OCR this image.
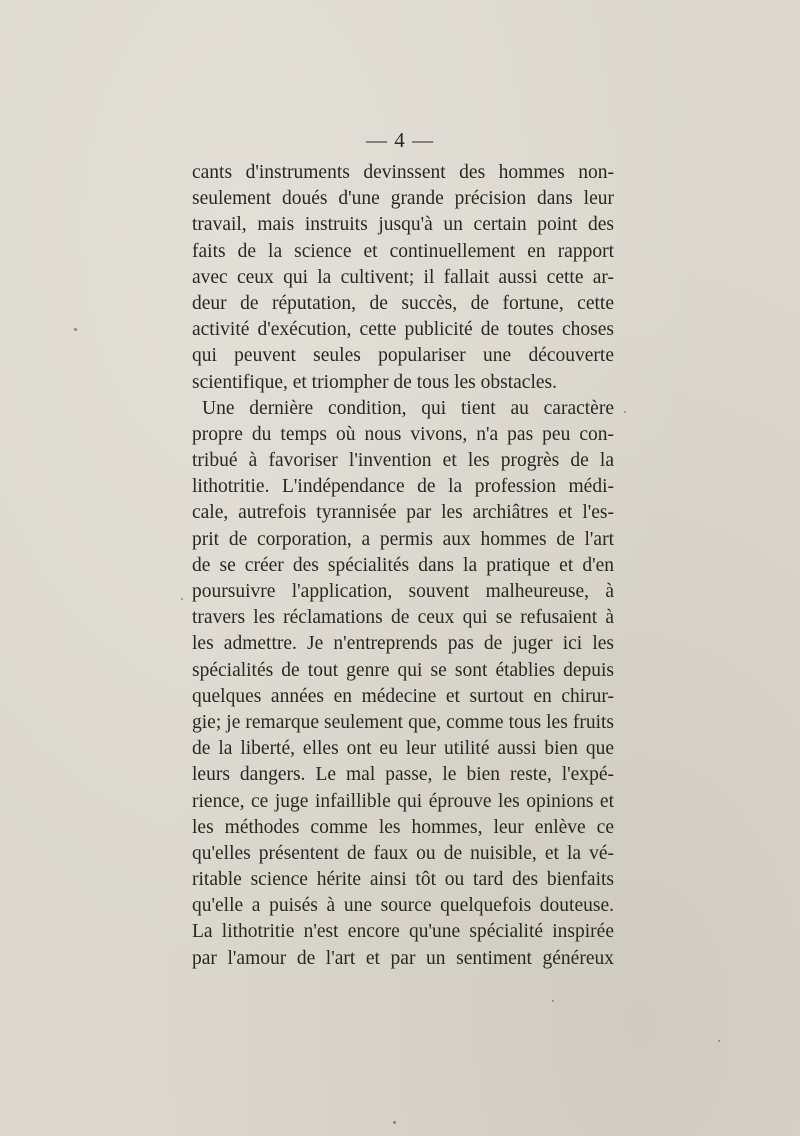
— 4 —
cants d'instruments devinssent des hommes non-
seulement doués d'une grande précision dans leur
travail, mais instruits jusqu'à un certain point des
faits de la science et continuellement en rapport
avec ceux qui la cultivent; il fallait aussi cette ar-
deur de réputation, de succès, de fortune, cette
activité d'exécution, cette publicité de toutes choses
qui peuvent seules populariser une découverte
scientifique, et triompher de tous les obstacles.
Une dernière condition, qui tient au caractère
propre du temps où nous vivons, n'a pas peu con-
tribué à favoriser l'invention et les progrès de la
lithotritie. L'indépendance de la profession médi-
cale, autrefois tyrannisée par les archiâtres et l'es-
prit de corporation, a permis aux hommes de l'art
de se créer des spécialités dans la pratique et d'en
poursuivre l'application, souvent malheureuse, à
travers les réclamations de ceux qui se refusaient à
les admettre. Je n'entreprends pas de juger ici les
spécialités de tout genre qui se sont établies depuis
quelques années en médecine et surtout en chirur-
gie; je remarque seulement que, comme tous les fruits
de la liberté, elles ont eu leur utilité aussi bien que
leurs dangers. Le mal passe, le bien reste, l'expé-
rience, ce juge infaillible qui éprouve les opinions et
les méthodes comme les hommes, leur enlève ce
qu'elles présentent de faux ou de nuisible, et la vé-
ritable science hérite ainsi tôt ou tard des bienfaits
qu'elle a puisés à une source quelquefois douteuse.
La lithotritie n'est encore qu'une spécialité inspirée
par l'amour de l'art et par un sentiment généreux
